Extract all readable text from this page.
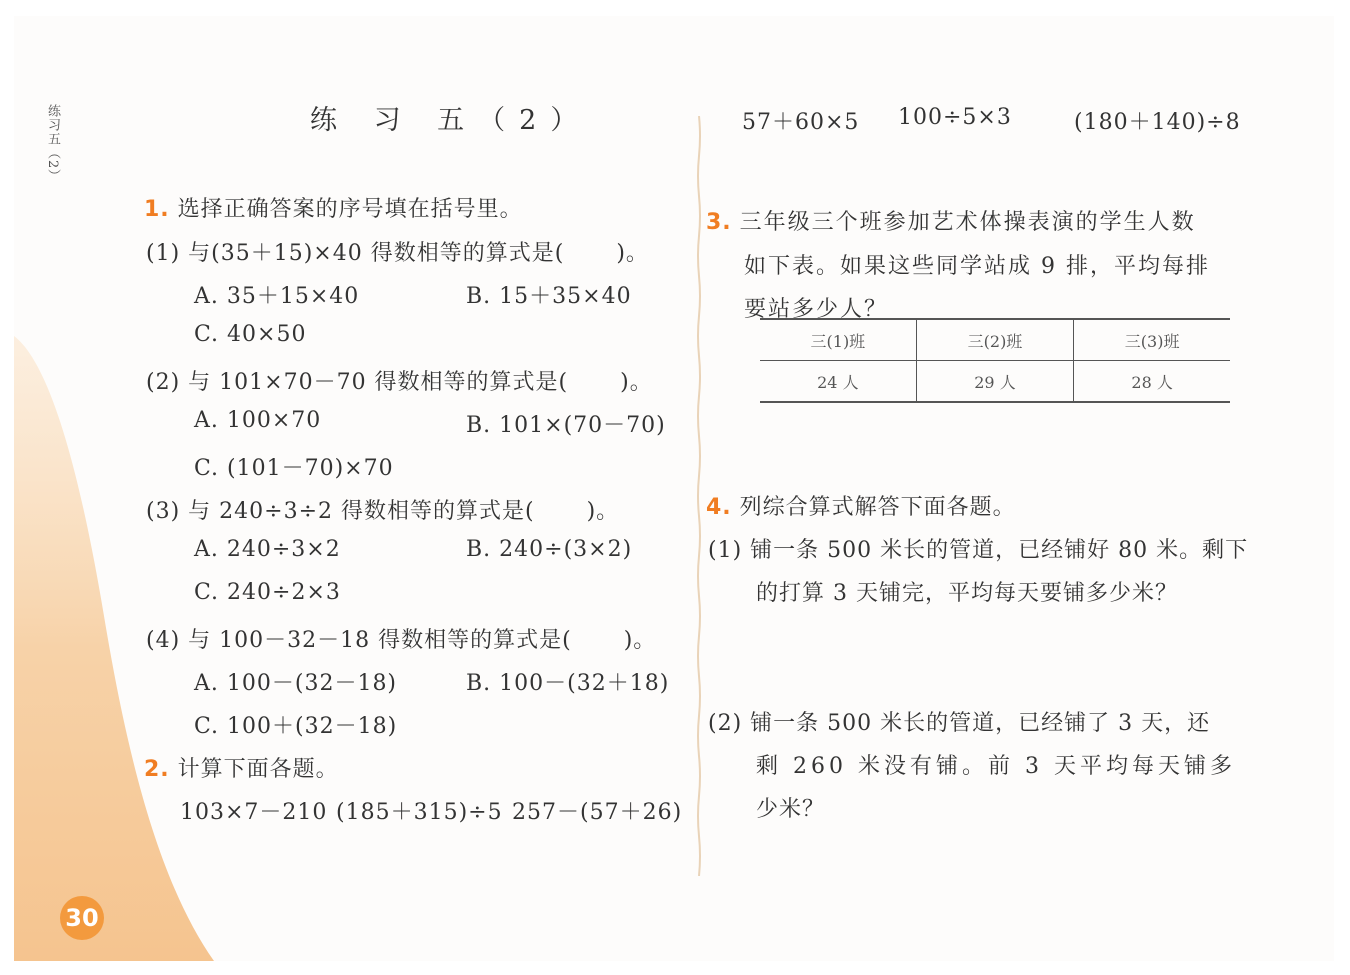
练习五（2）
30
练 习 五（2）
1. 选择正确答案的序号填在括号里。
(1) 与(35＋15)×40 得数相等的算式是( )。
A. 35＋15×40	B. 15＋35×40
C. 40×50
(2) 与 101×70－70 得数相等的算式是( )。
A. 100×70	B. 101×(70－70)
C. (101－70)×70
(3) 与 240÷3÷2 得数相等的算式是( )。
A. 240÷3×2	B. 240÷(3×2)
C. 240÷2×3
(4) 与 100－32－18 得数相等的算式是( )。
A. 100－(32－18)	B. 100－(32＋18)
C. 100＋(32－18)
2. 计算下面各题。
103×7－210 (185＋315)÷5 257－(57＋26)
57＋60×5 100÷5×3	(180＋140)÷8
3. 三年级三个班参加艺术体操表演的学生人数
如下表。如果这些同学站成 9 排，平均每排
要站多少人？
三(1)班	三(2)班	三(3)班
24 人	29 人	28 人
4. 列综合算式解答下面各题。
(1) 铺一条 500 米长的管道，已经铺好 80 米。剩下
的打算 3 天铺完，平均每天要铺多少米？
(2) 铺一条 500 米长的管道，已经铺了 3 天，还
剩 260 米没有铺。前 3 天平均每天铺多
少米？
